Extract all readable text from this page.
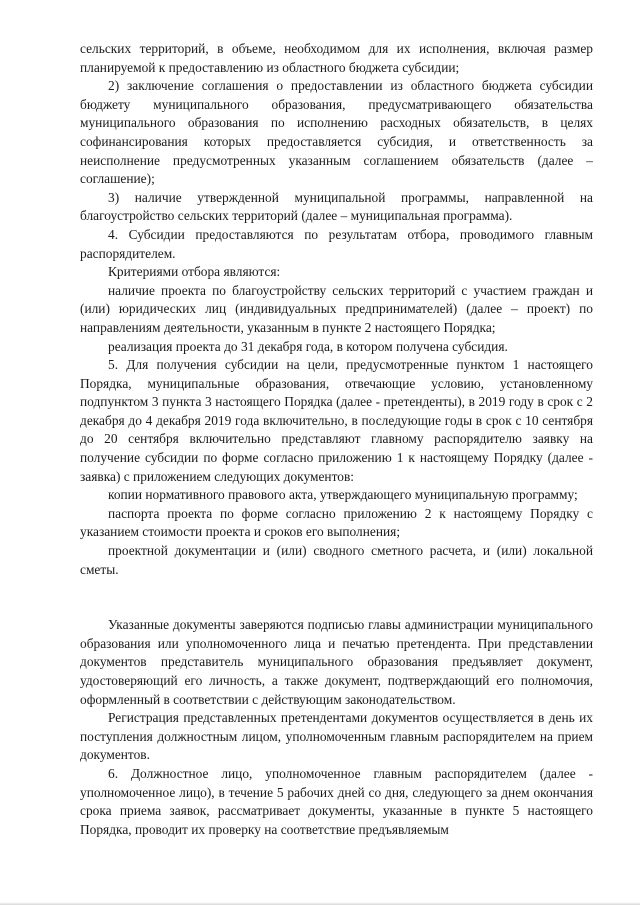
сельских территорий, в объеме, необходимом для их исполнения, включая размер планируемой к предоставлению из областного бюджета субсидии;

2) заключение соглашения о предоставлении из областного бюджета субсидии бюджету муниципального образования, предусматривающего обязательства муниципального образования по исполнению расходных обязательств, в целях софинансирования которых предоставляется субсидия, и ответственность за неисполнение предусмотренных указанным соглашением обязательств (далее – соглашение);

3) наличие утвержденной муниципальной программы, направленной на благоустройство сельских территорий (далее – муниципальная программа).

4. Субсидии предоставляются по результатам отбора, проводимого главным распорядителем.

Критериями отбора являются:

наличие проекта по благоустройству сельских территорий с участием граждан и (или) юридических лиц (индивидуальных предпринимателей) (далее – проект) по направлениям деятельности, указанным в пункте 2 настоящего Порядка;

реализация проекта до 31 декабря года, в котором получена субсидия.

5. Для получения субсидии на цели, предусмотренные пунктом 1 настоящего Порядка, муниципальные образования, отвечающие условию, установленному подпунктом 3 пункта 3 настоящего Порядка (далее - претенденты), в 2019 году в срок с 2 декабря до 4 декабря 2019 года включительно, в последующие годы в срок с 10 сентября до 20 сентября включительно представляют главному распорядителю заявку на получение субсидии по форме согласно приложению 1 к настоящему Порядку (далее - заявка) с приложением следующих документов:

копии нормативного правового акта, утверждающего муниципальную программу;

паспорта проекта по форме согласно приложению 2 к настоящему Порядку с указанием стоимости проекта и сроков его выполнения;

проектной документации и (или) сводного сметного расчета, и (или) локальной сметы.

Указанные документы заверяются подписью главы администрации муниципального образования или уполномоченного лица и печатью претендента. При представлении документов представитель муниципального образования предъявляет документ, удостоверяющий его личность, а также документ, подтверждающий его полномочия, оформленный в соответствии с действующим законодательством.

Регистрация представленных претендентами документов осуществляется в день их поступления должностным лицом, уполномоченным главным распорядителем на прием документов.

6. Должностное лицо, уполномоченное главным распорядителем (далее - уполномоченное лицо), в течение 5 рабочих дней со дня, следующего за днем окончания срока приема заявок, рассматривает документы, указанные в пункте 5 настоящего Порядка, проводит их проверку на соответствие предъявляемым
